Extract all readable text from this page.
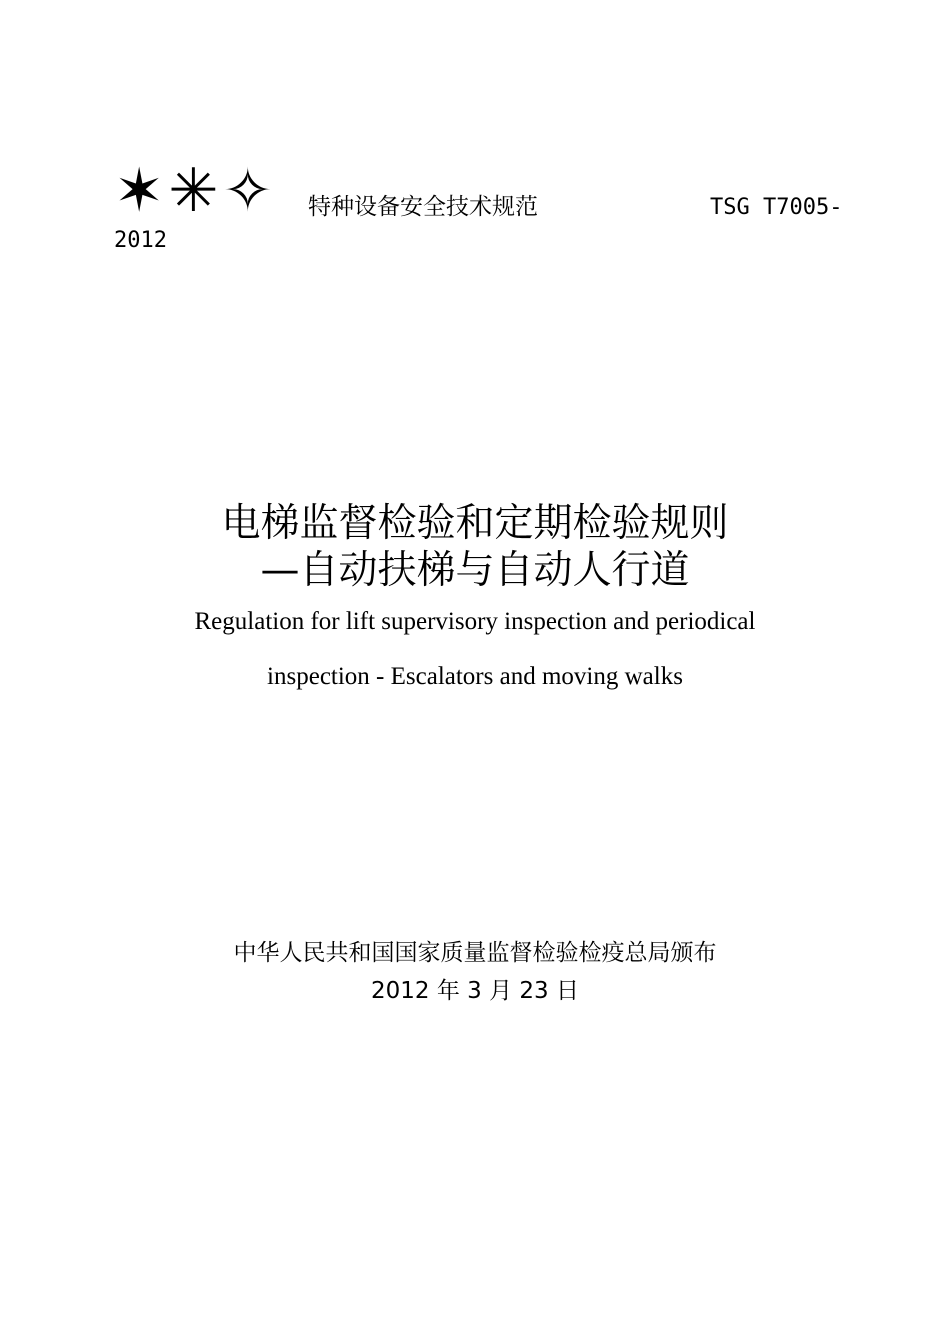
✶ ✳ ✧ 特种设备安全技术规范	TSG T7005-
2012
电梯监督检验和定期检验规则
—自动扶梯与自动人行道
Regulation for lift supervisory inspection and periodical
inspection - Escalators and moving walks
中华人民共和国国家质量监督检验检疫总局颁布
2012 年 3 月 23 日
